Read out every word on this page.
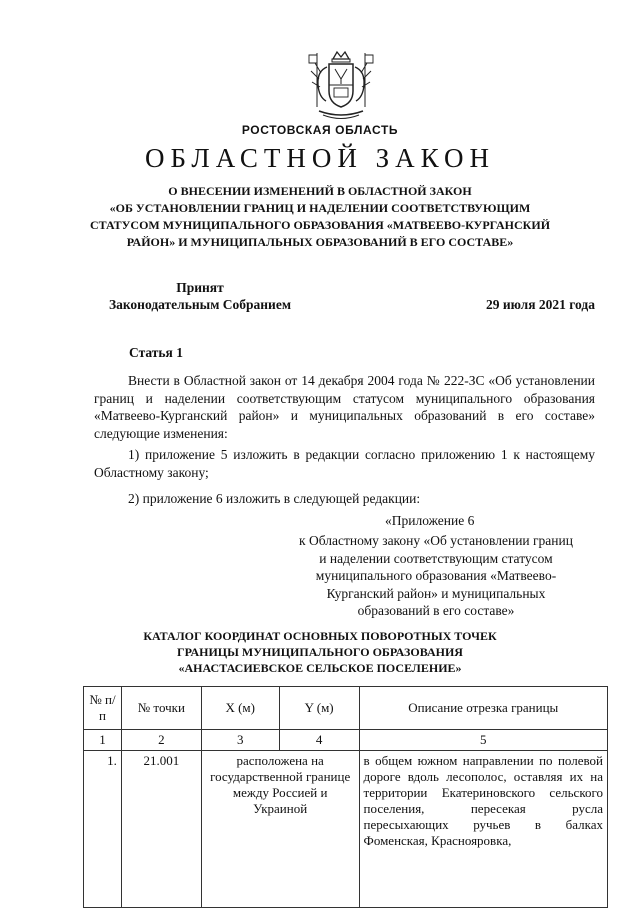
РОСТОВСКАЯ ОБЛАСТЬ
ОБЛАСТНОЙ ЗАКОН
О ВНЕСЕНИИ ИЗМЕНЕНИЙ В ОБЛАСТНОЙ ЗАКОН
«ОБ УСТАНОВЛЕНИИ ГРАНИЦ И НАДЕЛЕНИИ СООТВЕТСТВУЮЩИМ
СТАТУСОМ МУНИЦИПАЛЬНОГО ОБРАЗОВАНИЯ «МАТВЕЕВО-КУРГАНСКИЙ
РАЙОН» И МУНИЦИПАЛЬНЫХ ОБРАЗОВАНИЙ В ЕГО СОСТАВЕ»
Принят
Законодательным Собранием	29 июля 2021 года
Статья 1
Внести в Областной закон от 14 декабря 2004 года № 222-ЗС «Об установлении границ и наделении соответствующим статусом муниципального образования «Матвеево-Курганский район» и муниципальных образований в его составе» следующие изменения:
1) приложение 5 изложить в редакции согласно приложению 1 к настоящему Областному закону;
2) приложение 6 изложить в следующей редакции:
«Приложение 6
к Областному закону «Об установлении границ
и наделении соответствующим статусом
муниципального образования «Матвеево-
Курганский район» и муниципальных
образований в его составе»
КАТАЛОГ КООРДИНАТ ОСНОВНЫХ ПОВОРОТНЫХ ТОЧЕК
ГРАНИЦЫ МУНИЦИПАЛЬНОГО ОБРАЗОВАНИЯ
«АНАСТАСИЕВСКОЕ СЕЛЬСКОЕ ПОСЕЛЕНИЕ»
№ п/п	№ точки	X (м)	Y (м)	Описание отрезка границы
1	2	3	4	5
1.	21.001	расположена на государственной границе между Россией и Украиной		в общем южном направлении по полевой дороге вдоль лесополос, оставляя их на территории Екатериновского сельского поселения, пересекая русла пересыхающих ручьев в балках Фоменская, Краснояровка,
